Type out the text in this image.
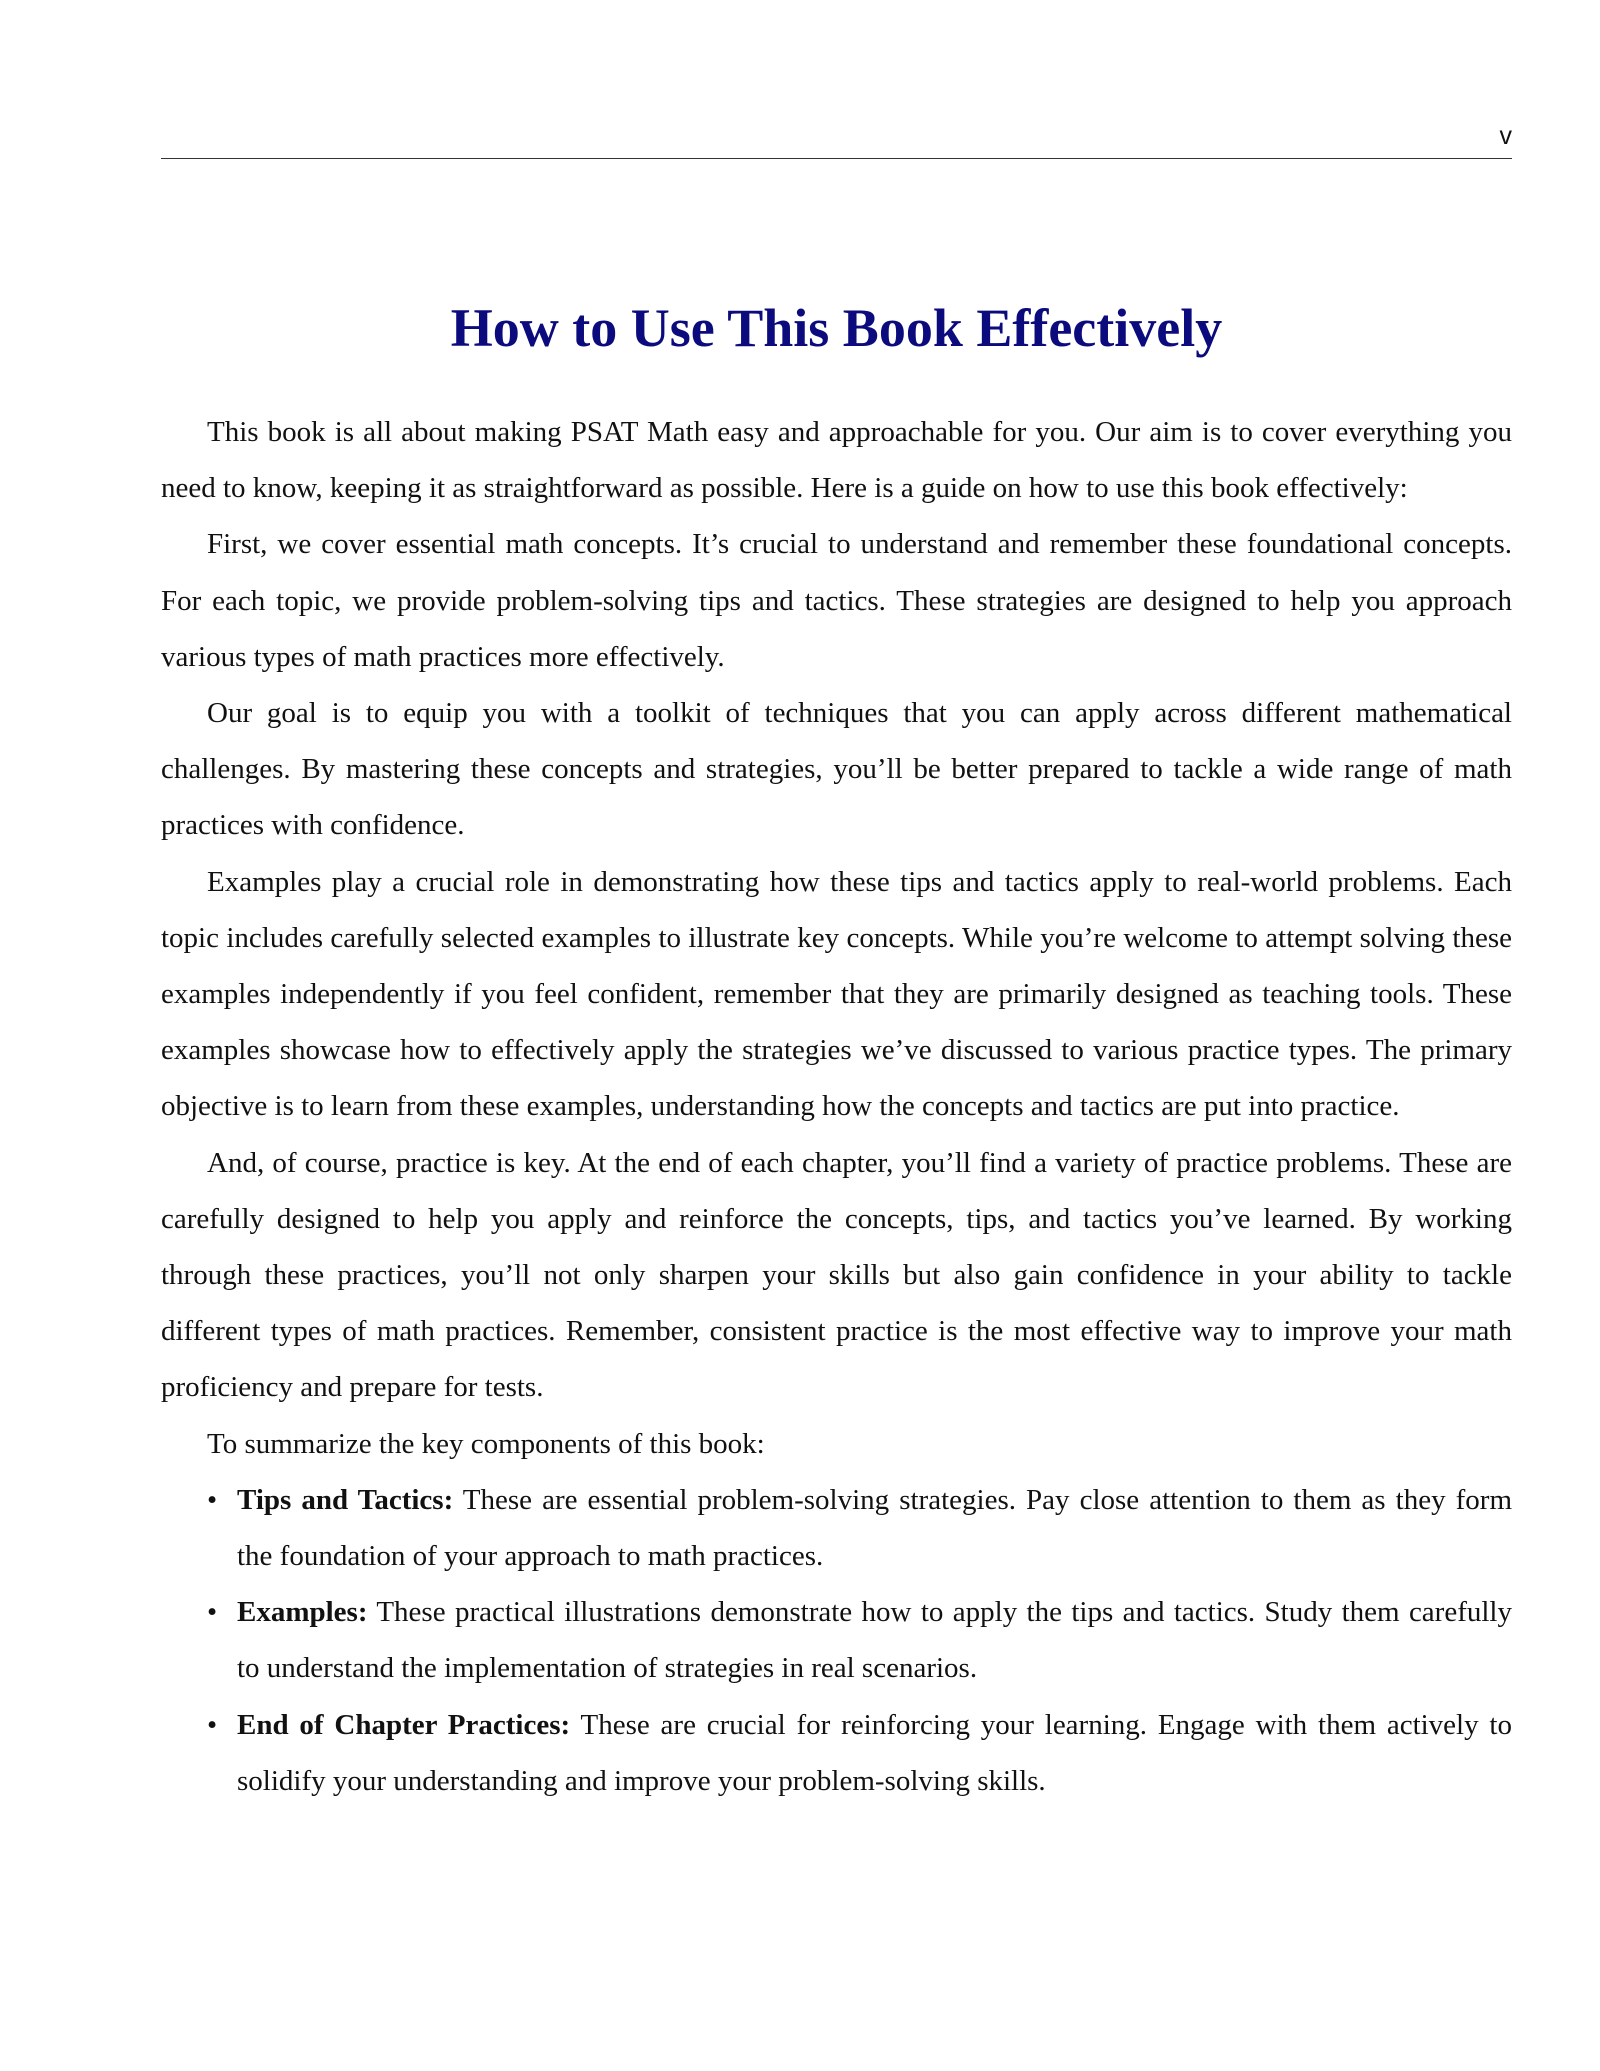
v
How to Use This Book Effectively

This book is all about making PSAT Math easy and approachable for you. Our aim is to cover everything you need to know, keeping it as straightforward as possible. Here is a guide on how to use this book effectively:

First, we cover essential math concepts. It’s crucial to understand and remember these foundational concepts. For each topic, we provide problem-solving tips and tactics. These strategies are designed to help you approach various types of math practices more effectively.

Our goal is to equip you with a toolkit of techniques that you can apply across different mathematical challenges. By mastering these concepts and strategies, you’ll be better prepared to tackle a wide range of math practices with confidence.

Examples play a crucial role in demonstrating how these tips and tactics apply to real-world problems. Each topic includes carefully selected examples to illustrate key concepts. While you’re welcome to attempt solving these examples independently if you feel confident, remember that they are primarily designed as teaching tools. These examples showcase how to effectively apply the strategies we’ve discussed to various practice types. The primary objective is to learn from these examples, understanding how the concepts and tactics are put into practice.

And, of course, practice is key. At the end of each chapter, you’ll find a variety of practice problems. These are carefully designed to help you apply and reinforce the concepts, tips, and tactics you’ve learned. By working through these practices, you’ll not only sharpen your skills but also gain confidence in your ability to tackle different types of math practices. Remember, consistent practice is the most effective way to improve your math proficiency and prepare for tests.

To summarize the key components of this book:

• Tips and Tactics: These are essential problem-solving strategies. Pay close attention to them as they form the foundation of your approach to math practices.
• Examples: These practical illustrations demonstrate how to apply the tips and tactics. Study them carefully to understand the implementation of strategies in real scenarios.
• End of Chapter Practices: These are crucial for reinforcing your learning. Engage with them actively to solidify your understanding and improve your problem-solving skills.
